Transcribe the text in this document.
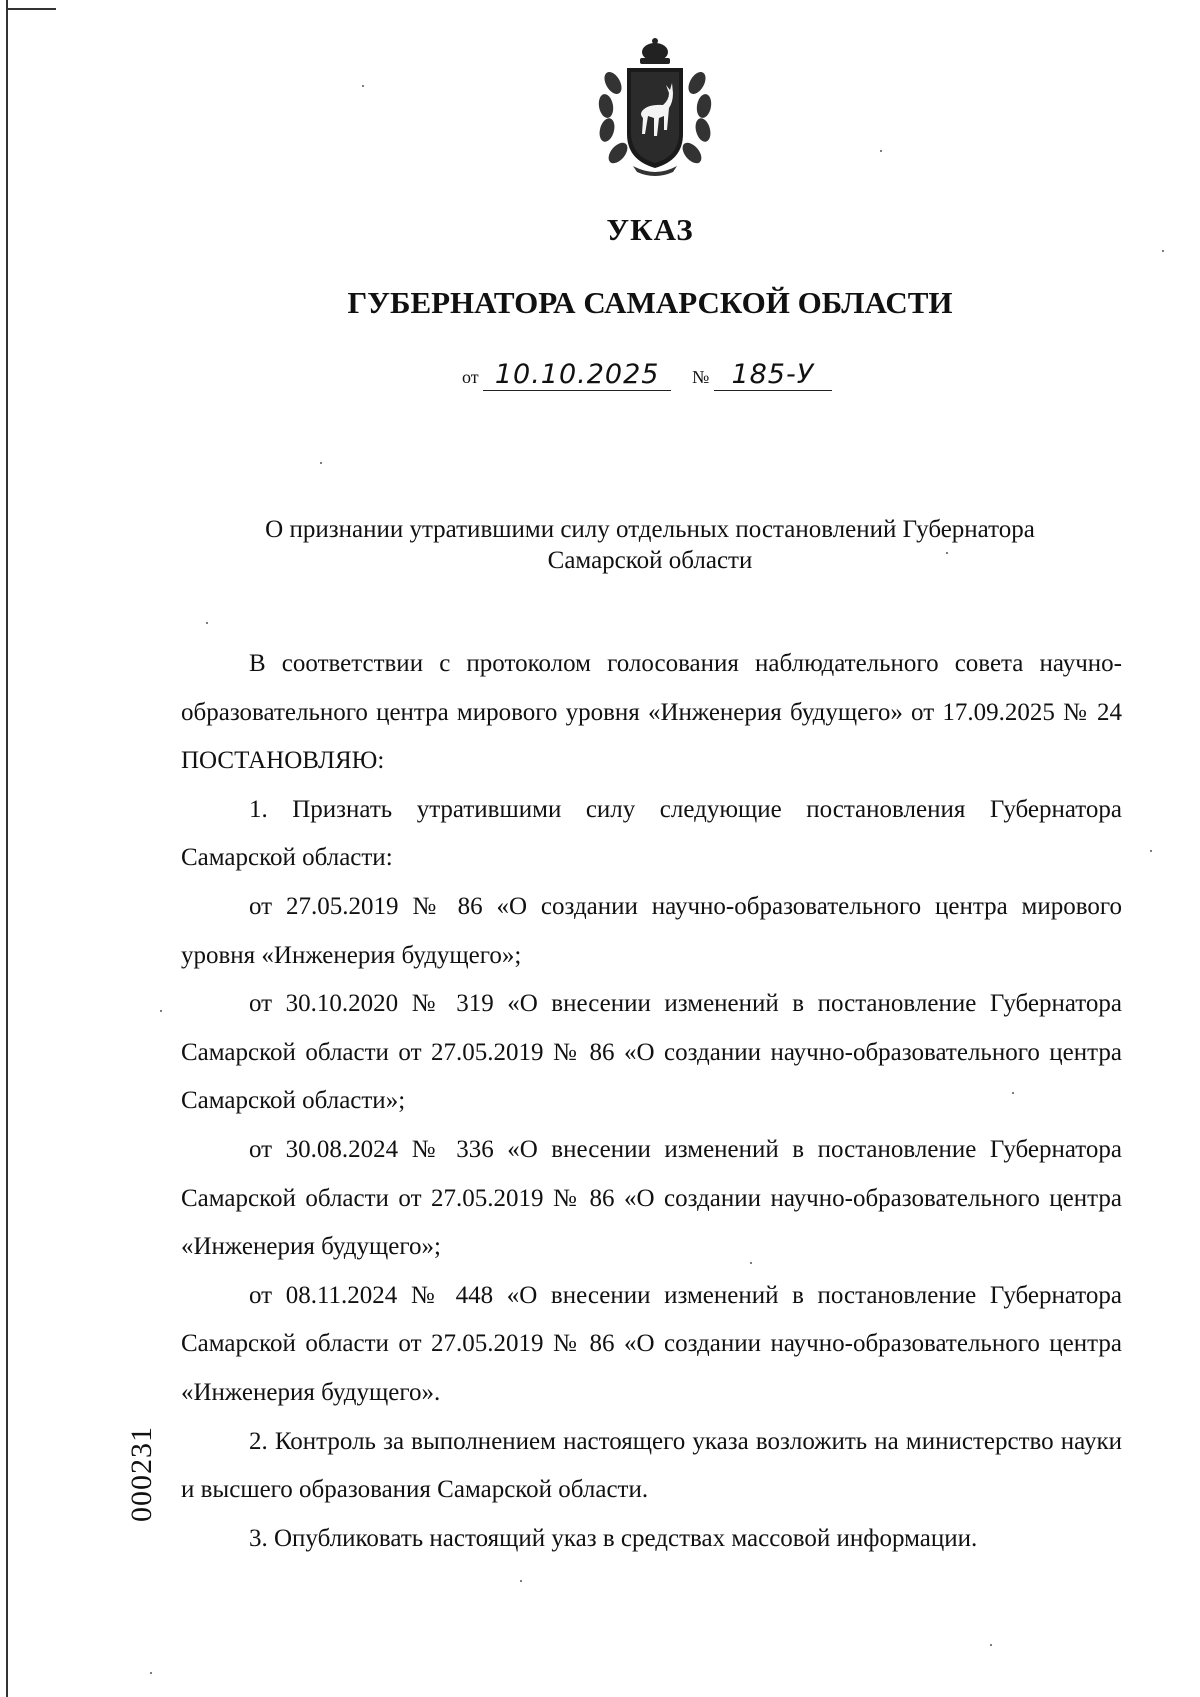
УКАЗ
ГУБЕРНАТОРА САМАРСКОЙ ОБЛАСТИ
от 10.10.2025 № 185-У
О признании утратившими силу отдельных постановлений Губернатора
Самарской области

В соответствии с протоколом голосования наблюдательного совета научно-образовательного центра мирового уровня «Инженерия будущего» от 17.09.2025 № 24 ПОСТАНОВЛЯЮ:

1. Признать утратившими силу следующие постановления Губернатора Самарской области:

от 27.05.2019 № 86 «О создании научно-образовательного центра мирового уровня «Инженерия будущего»;

от 30.10.2020 № 319 «О внесении изменений в постановление Губернатора Самарской области от 27.05.2019 № 86 «О создании научно-образовательного центра Самарской области»;

от 30.08.2024 № 336 «О внесении изменений в постановление Губернатора Самарской области от 27.05.2019 № 86 «О создании научно-образовательного центра «Инженерия будущего»;

от 08.11.2024 № 448 «О внесении изменений в постановление Губернатора Самарской области от 27.05.2019 № 86 «О создании научно-образовательного центра «Инженерия будущего».

2. Контроль за выполнением настоящего указа возложить на министерство науки и высшего образования Самарской области.

3. Опубликовать настоящий указ в средствах массовой информации.

000231
